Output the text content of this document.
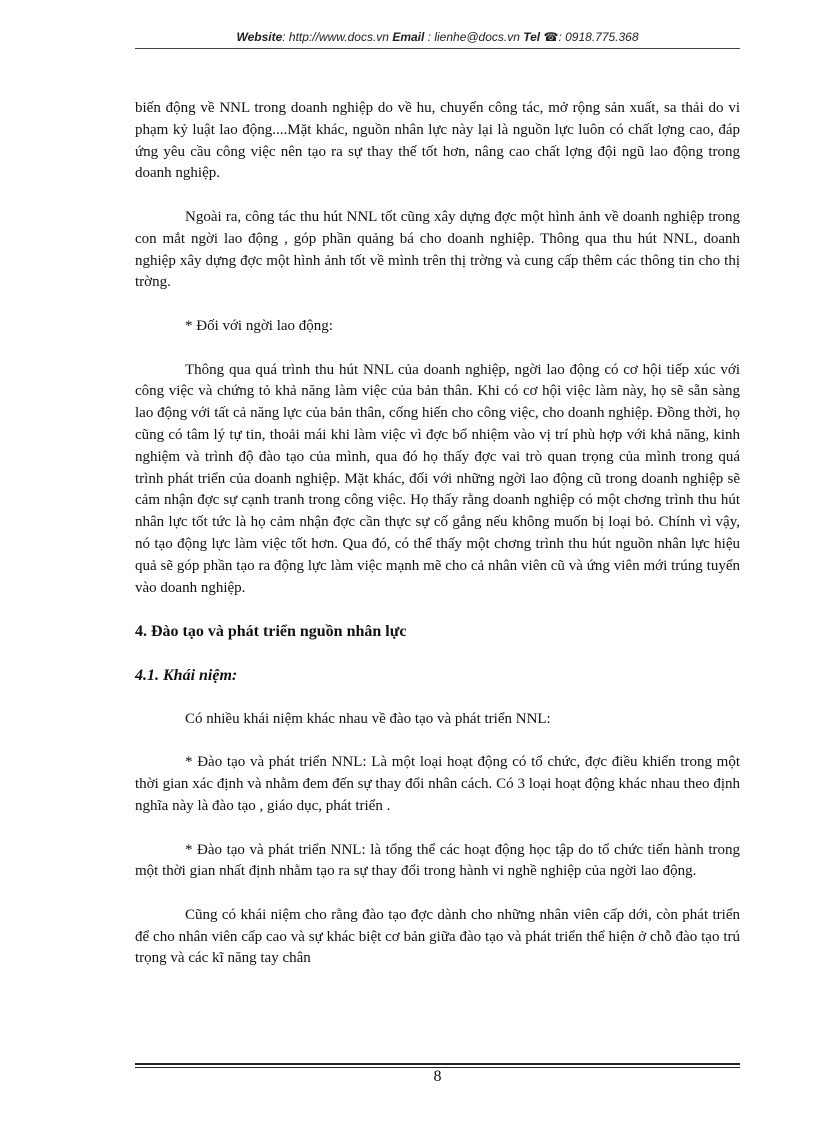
Website: http://www.docs.vn Email : lienhe@docs.vn Tel ☎: 0918.775.368

biến động về NNL trong doanh nghiệp do về hu, chuyển công tác, mở rộng sản xuất, sa thải do vi phạm kỷ luật lao động....Mặt khác, nguồn nhân lực này lại là nguồn lực luôn có chất lợng cao, đáp ứng yêu cầu công việc nên tạo ra sự thay thế tốt hơn, nâng cao chất lợng đội ngũ lao động trong doanh nghiệp.

Ngoài ra, công tác thu hút NNL tốt cũng xây dựng đợc một hình ảnh về doanh nghiệp trong con mắt ngời lao động , góp phần quảng bá cho doanh nghiệp. Thông qua thu hút NNL, doanh nghiệp xây dựng đợc một hình ảnh tốt về mình trên thị trờng và cung cấp thêm các thông tin cho thị trờng.

* Đối với ngời lao động:

Thông qua quá trình thu hút NNL của doanh nghiệp, ngời lao động có cơ hội tiếp xúc với công việc và chứng tỏ khả năng làm việc của bản thân. Khi có cơ hội việc làm này, họ sẽ sẵn sàng lao động với tất cả năng lực của bản thân, cống hiến cho công việc, cho doanh nghiệp. Đồng thời, họ cũng có tâm lý tự tin, thoải mái khi làm việc vì đợc bổ nhiệm vào vị trí phù hợp với khả năng, kinh nghiệm và trình độ đào tạo của mình, qua đó họ thấy đợc vai trò quan trọng của mình trong quá trình phát triển của doanh nghiệp. Mặt khác, đối với những ngời lao động cũ trong doanh nghiệp sẽ cảm nhận đợc sự cạnh tranh trong công việc. Họ thấy rằng doanh nghiệp có một chơng trình thu hút nhân lực tốt tức là họ cảm nhận đợc cần thực sự cố gắng nếu không muốn bị loại bỏ. Chính vì vậy, nó tạo động lực làm việc tốt hơn. Qua đó, có thể thấy một chơng trình thu hút nguồn nhân lực hiệu quả sẽ góp phần tạo ra động lực làm việc mạnh mẽ cho cả nhân viên cũ và ứng viên mới trúng tuyển vào doanh nghiệp.

4. Đào tạo và phát triển nguồn nhân lực
4.1. Khái niệm:

Có nhiều khái niệm khác nhau về đào tạo và phát triển NNL:

* Đào tạo và phát triển NNL: Là một loại hoạt động có tổ chức, đợc điều khiển trong một thời gian xác định và nhằm đem đến sự thay đổi nhân cách. Có 3 loại hoạt động khác nhau theo định nghĩa này là đào tạo , giáo dục, phát triển .

* Đào tạo và phát triển NNL: là tổng thể các hoạt động học tập do tổ chức tiến hành trong một thời gian nhất định nhằm tạo ra sự thay đổi trong hành vi nghề nghiệp của ngời lao động.

Cũng có khái niệm cho rằng đào tạo đợc dành cho những nhân viên cấp dới, còn phát triển để cho nhân viên cấp cao và sự khác biệt cơ bản giữa đào tạo và phát triển thể hiện ở chỗ đào tạo trú trọng và các kĩ năng tay chân

8
